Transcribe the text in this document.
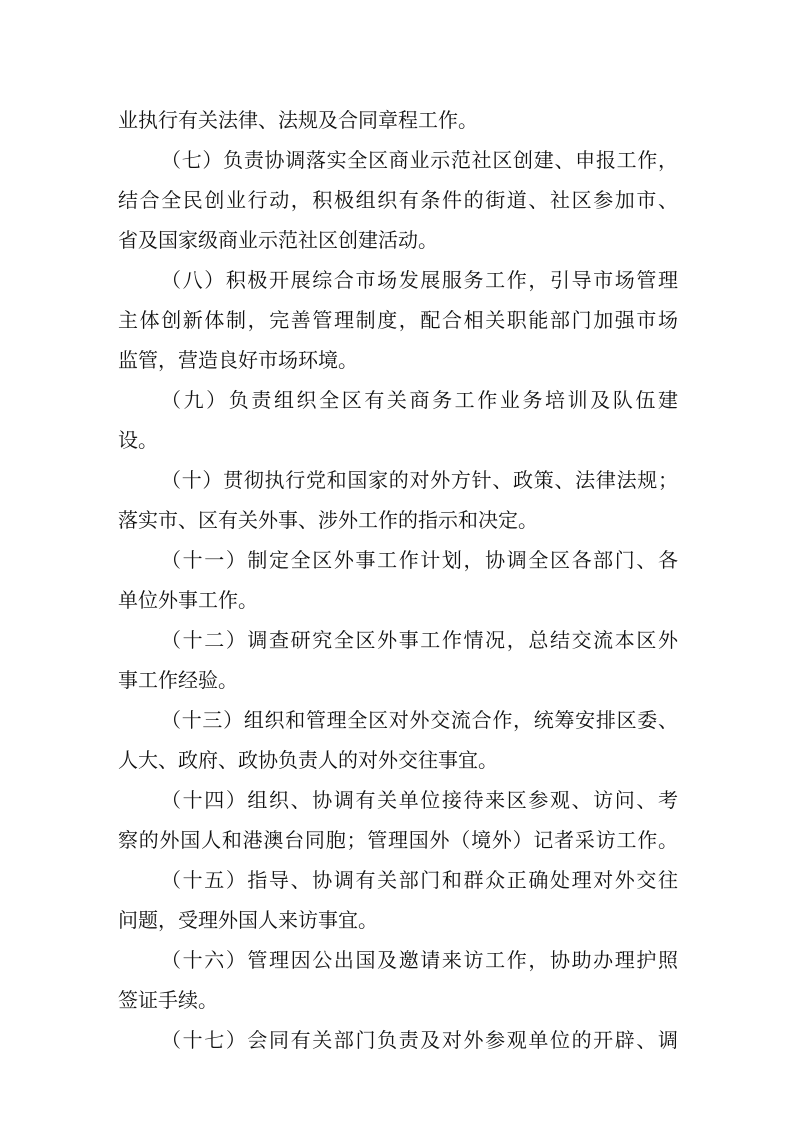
业执行有关法律、法规及合同章程工作。
（七）负责协调落实全区商业示范社区创建、申报工作，
结合全民创业行动，积极组织有条件的街道、社区参加市、
省及国家级商业示范社区创建活动。
（八）积极开展综合市场发展服务工作，引导市场管理
主体创新体制，完善管理制度，配合相关职能部门加强市场
监管，营造良好市场环境。
（九）负责组织全区有关商务工作业务培训及队伍建
设。
（十）贯彻执行党和国家的对外方针、政策、法律法规；
落实市、区有关外事、涉外工作的指示和决定。
（十一）制定全区外事工作计划，协调全区各部门、各
单位外事工作。
（十二）调查研究全区外事工作情况，总结交流本区外
事工作经验。
（十三）组织和管理全区对外交流合作，统筹安排区委、
人大、政府、政协负责人的对外交往事宜。
（十四）组织、协调有关单位接待来区参观、访问、考
察的外国人和港澳台同胞；管理国外（境外）记者采访工作。
（十五）指导、协调有关部门和群众正确处理对外交往
问题，受理外国人来访事宜。
（十六）管理因公出国及邀请来访工作，协助办理护照
签证手续。
（十七）会同有关部门负责及对外参观单位的开辟、调
